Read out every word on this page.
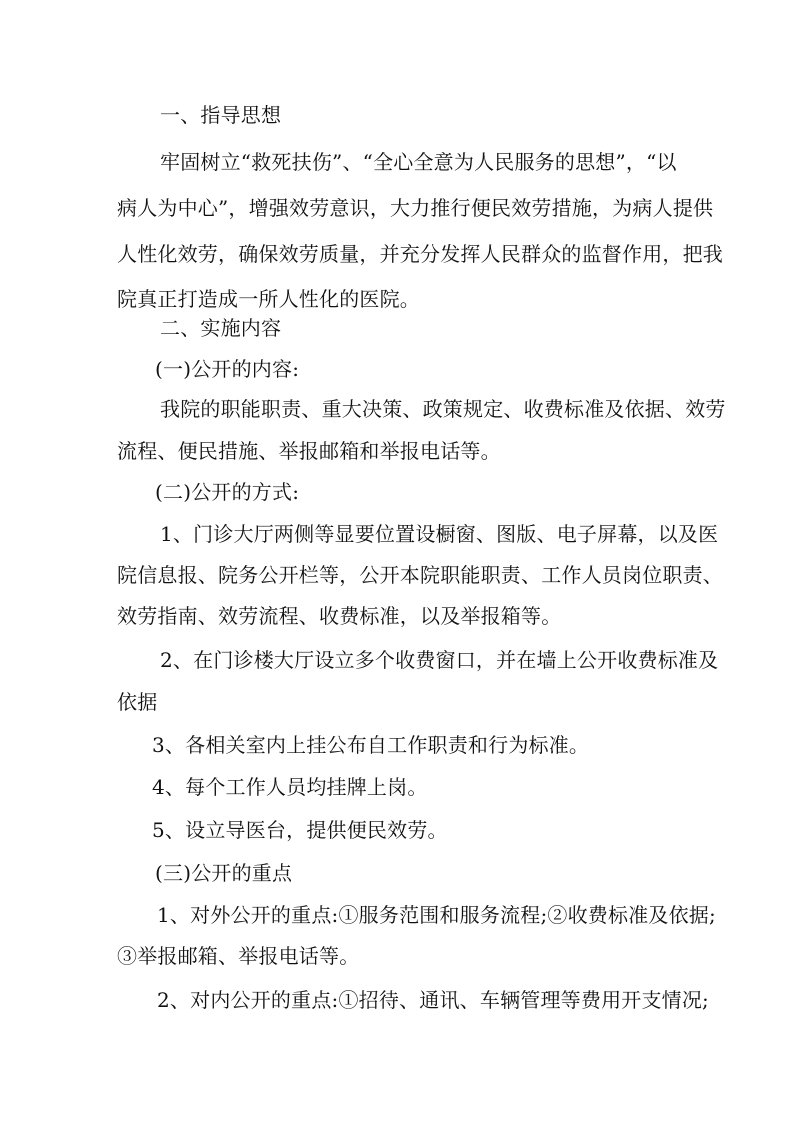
一、指导思想
牢固树立“救死扶伤”、“全心全意为人民服务的思想”，“以
病人为中心”，增强效劳意识，大力推行便民效劳措施，为病人提供
人性化效劳，确保效劳质量，并充分发挥人民群众的监督作用，把我
院真正打造成一所人性化的医院。
二、实施内容
(一)公开的内容:
我院的职能职责、重大决策、政策规定、收费标准及依据、效劳
流程、便民措施、举报邮箱和举报电话等。
(二)公开的方式:
1、门诊大厅两侧等显要位置设橱窗、图版、电子屏幕，以及医
院信息报、院务公开栏等，公开本院职能职责、工作人员岗位职责、
效劳指南、效劳流程、收费标准，以及举报箱等。
2、在门诊楼大厅设立多个收费窗口，并在墙上公开收费标准及
依据
3、各相关室内上挂公布自工作职责和行为标准。
4、每个工作人员均挂牌上岗。
5、设立导医台，提供便民效劳。
(三)公开的重点
1、对外公开的重点:①服务范围和服务流程;②收费标准及依据;
③举报邮箱、举报电话等。
2、对内公开的重点:①招待、通讯、车辆管理等费用开支情况;
